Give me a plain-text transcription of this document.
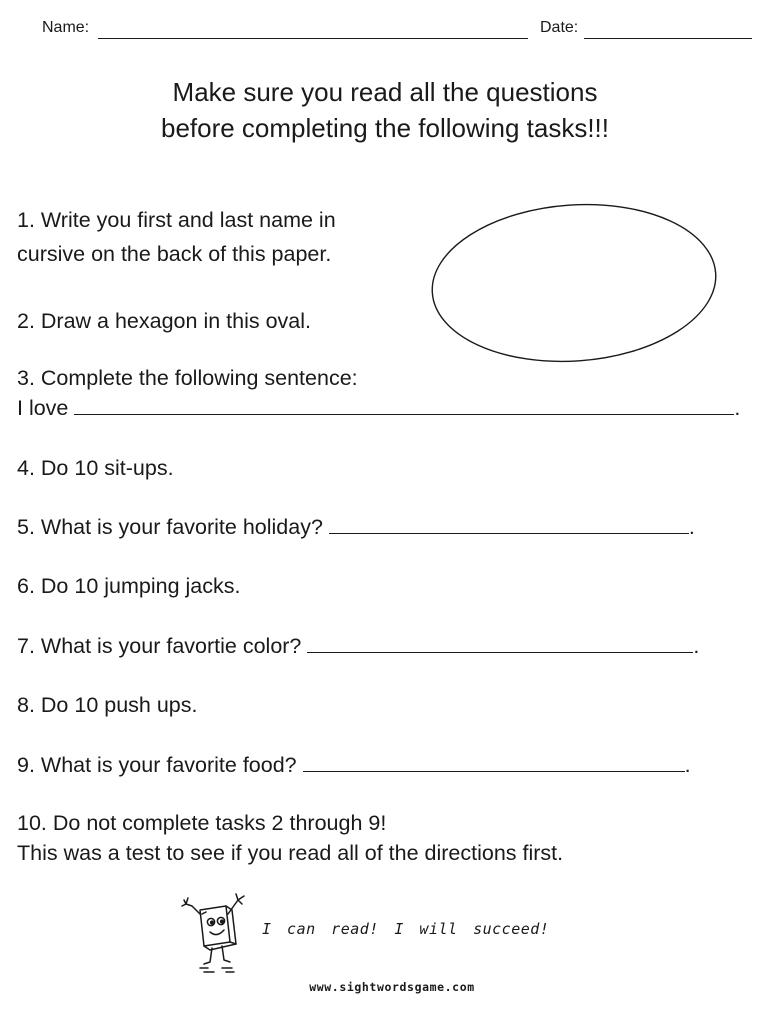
Name:	Date:
Make sure you read all the questions
before completing the following tasks!!!
1. Write you first and last name in
cursive on the back of this paper.
2. Draw a hexagon in this oval.
3. Complete the following sentence:
I love	.
4. Do 10 sit-ups.
5. What is your favorite holiday?	.
6. Do 10 jumping jacks.
7. What is your favortie color?	.
8. Do 10 push ups.
9. What is your favorite food?	.
10. Do not complete tasks 2 through 9!
This was a test to see if you read all of the directions first.
I can read! I will succeed!
www.sightwordsgame.com
